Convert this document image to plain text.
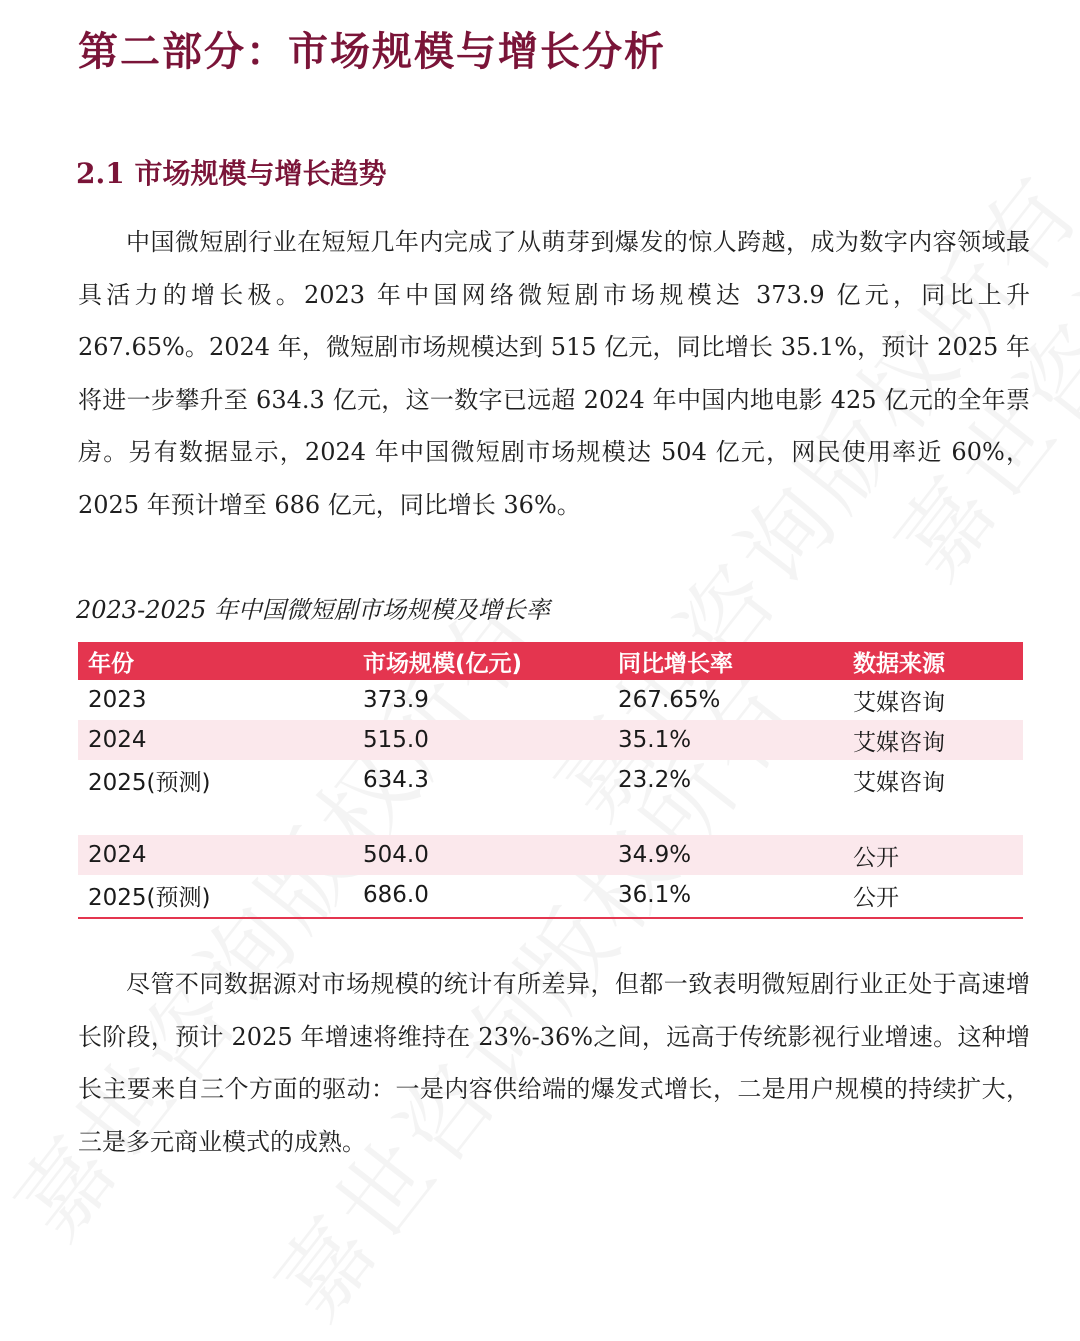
第二部分：市场规模与增长分析
2.1 市场规模与增长趋势

中国微短剧行业在短短几年内完成了从萌芽到爆发的惊人跨越，成为数字内容领域最具活力的增长极。2023 年中国网络微短剧市场规模达 373.9 亿元，同比上升 267.65%。2024 年，微短剧市场规模达到 515 亿元，同比增长 35.1%，预计 2025 年将进一步攀升至 634.3 亿元，这一数字已远超 2024 年中国内地电影 425 亿元的全年票房。另有数据显示，2024 年中国微短剧市场规模达 504 亿元，网民使用率近 60%，2025 年预计增至 686 亿元，同比增长 36%。

2023-2025 年中国微短剧市场规模及增长率
年份	市场规模(亿元)	同比增长率	数据来源
2023	373.9	267.65%	艾媒咨询
2024	515.0	35.1%	艾媒咨询
2025(预测)	634.3	23.2%	艾媒咨询
2024	504.0	34.9%	公开
2025(预测)	686.0	36.1%	公开

尽管不同数据源对市场规模的统计有所差异，但都一致表明微短剧行业正处于高速增长阶段，预计 2025 年增速将维持在 23%-36%之间，远高于传统影视行业增速。这种增长主要来自三个方面的驱动：一是内容供给端的爆发式增长，二是用户规模的持续扩大，三是多元商业模式的成熟。
